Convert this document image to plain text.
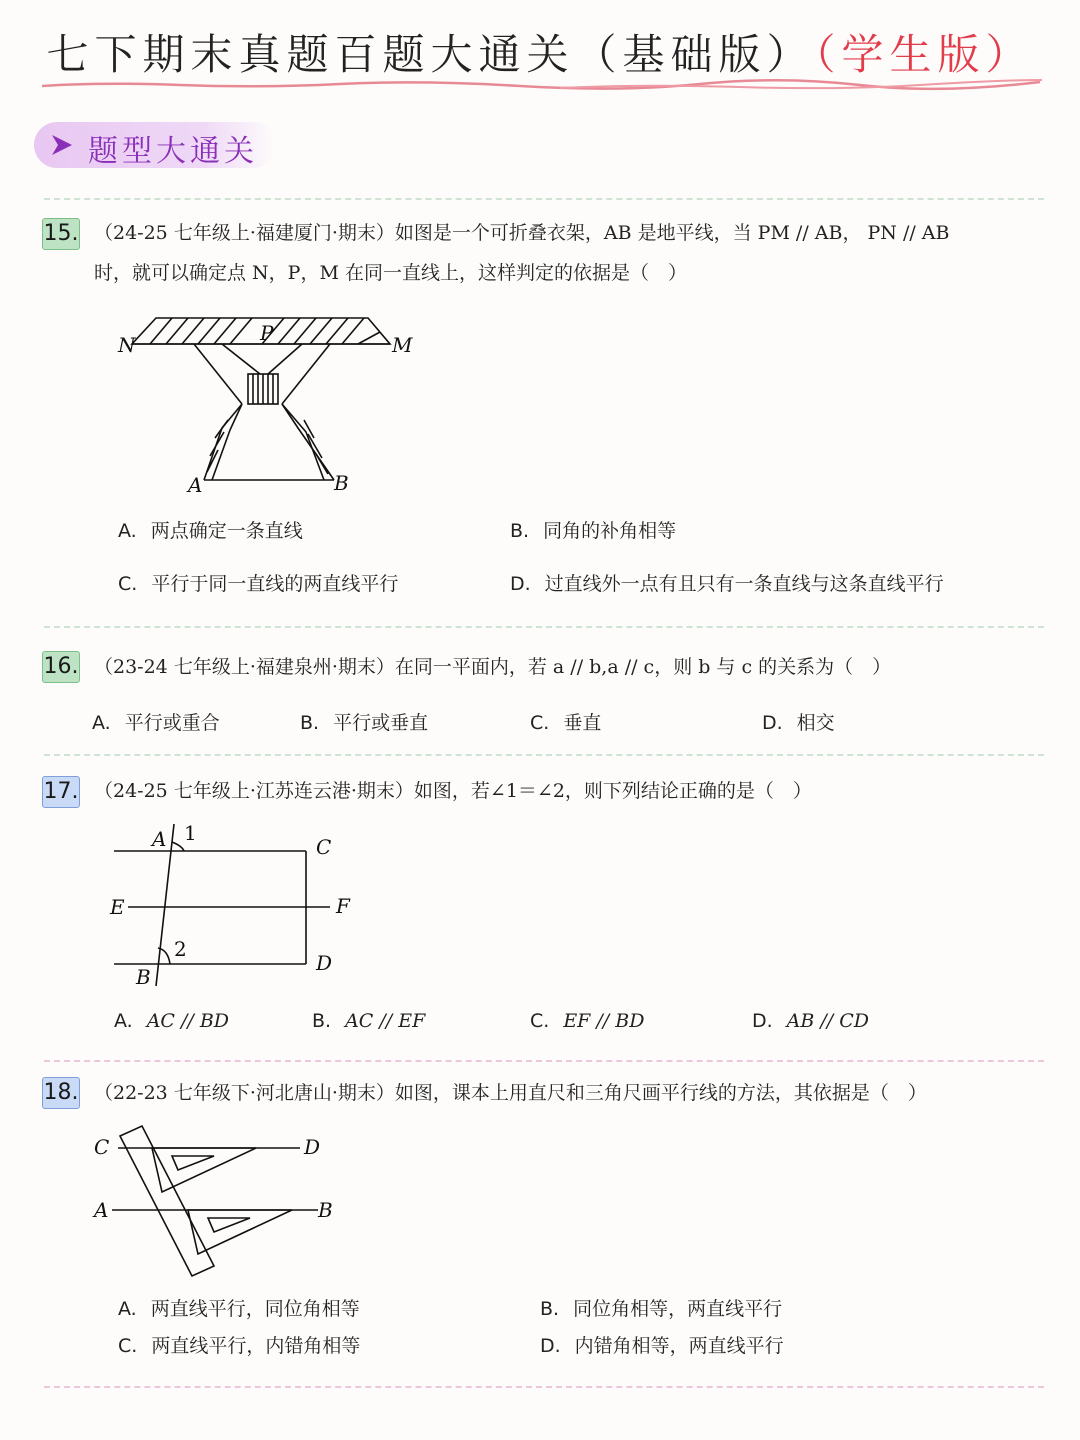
七下期末真题百题大通关（基础版）（学生版）
题型大通关
15. （24-25 七年级上·福建厦门·期末）如图是一个可折叠衣架，AB 是地平线，当 PM // AB， PN // AB
时，就可以确定点 N，P，M 在同一直线上，这样判定的依据是（　）
N	P	M
A	B
A. 两点确定一条直线	B. 同角的补角相等
C. 平行于同一直线的两直线平行	D. 过直线外一点有且只有一条直线与这条直线平行
16. （23-24 七年级上·福建泉州·期末）在同一平面内，若 a // b,a // c，则 b 与 c 的关系为（　）
A. 平行或重合	B. 平行或垂直	C. 垂直	D. 相交
17. （24-25 七年级上·江苏连云港·期末）如图，若∠1＝∠2，则下列结论正确的是（　）
A 1
C
E	F
2
B
D
A. AC // BD	B. AC // EF	C. EF // BD	D. AB // CD
18. （22-23 七年级下·河北唐山·期末）如图，课本上用直尺和三角尺画平行线的方法，其依据是（　）
C	D
A	B
A. 两直线平行，同位角相等	B. 同位角相等，两直线平行
C. 两直线平行，内错角相等	D. 内错角相等，两直线平行
